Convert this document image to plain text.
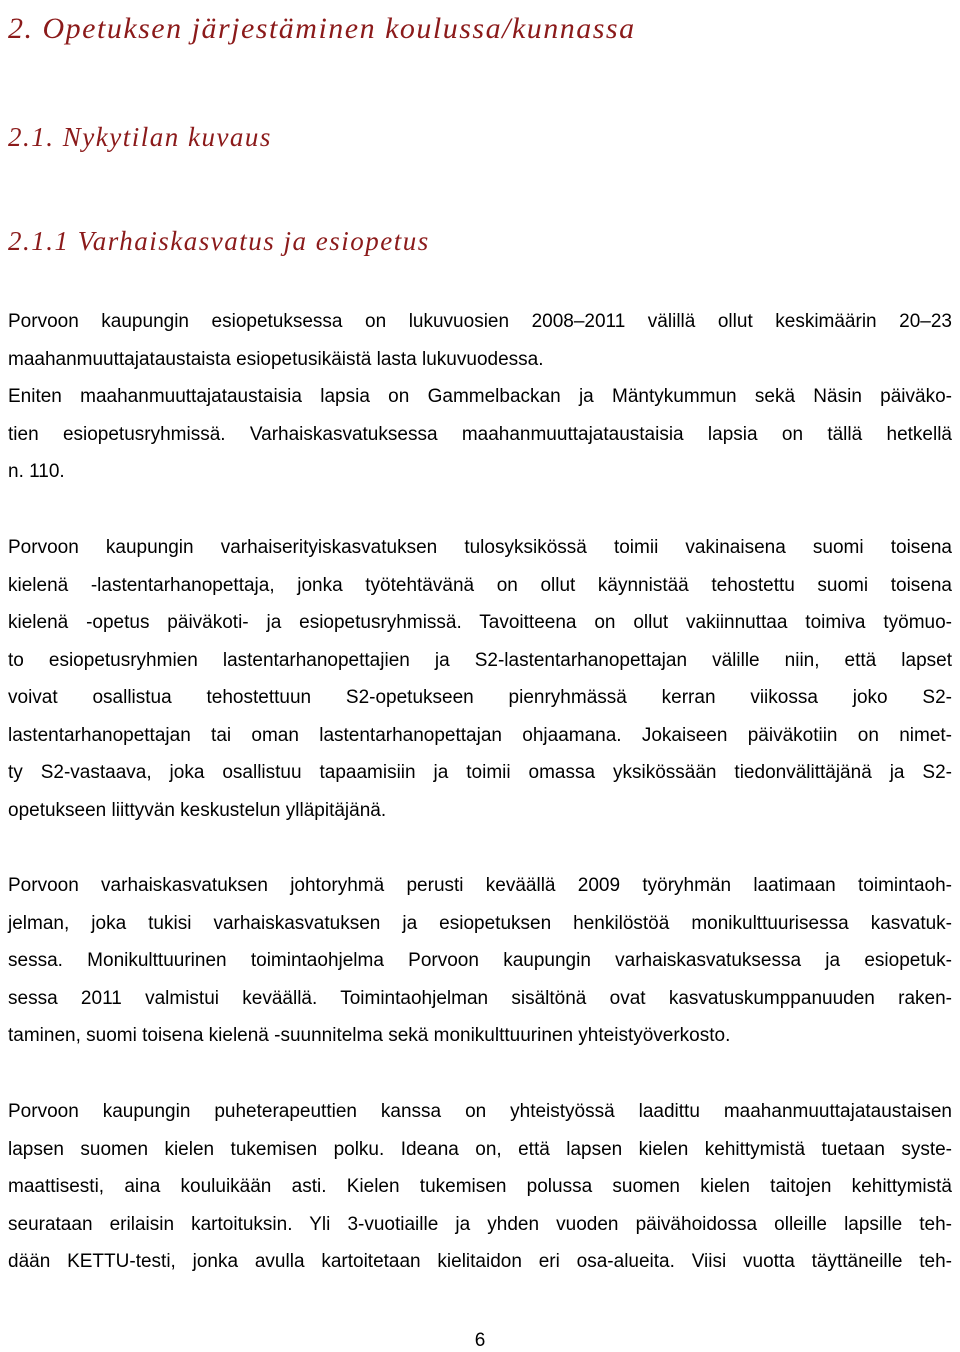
2. Opetuksen järjestäminen koulussa/kunnassa
2.1. Nykytilan kuvaus
2.1.1 Varhaiskasvatus ja esiopetus

Porvoon kaupungin esiopetuksessa on lukuvuosien 2008–2011 välillä ollut keskimäärin 20–23
maahanmuuttajataustaista esiopetusikäistä lasta lukuvuodessa.
Eniten maahanmuuttajataustaisia lapsia on Gammelbackan ja Mäntykummun sekä Näsin päiväko-
tien esiopetusryhmissä. Varhaiskasvatuksessa maahanmuuttajataustaisia lapsia on tällä hetkellä
n. 110.

Porvoon kaupungin varhaiserityiskasvatuksen tulosyksikössä toimii vakinaisena suomi toisena
kielenä -lastentarhanopettaja, jonka työtehtävänä on ollut käynnistää tehostettu suomi toisena
kielenä -opetus päiväkoti- ja esiopetusryhmissä. Tavoitteena on ollut vakiinnuttaa toimiva työmuo-
to esiopetusryhmien lastentarhanopettajien ja S2-lastentarhanopettajan välille niin, että lapset
voivat osallistua tehostettuun S2-opetukseen pienryhmässä kerran viikossa joko S2-
lastentarhanopettajan tai oman lastentarhanopettajan ohjaamana. Jokaiseen päiväkotiin on nimet-
ty S2-vastaava, joka osallistuu tapaamisiin ja toimii omassa yksikössään tiedonvälittäjänä ja S2-
opetukseen liittyvän keskustelun ylläpitäjänä.

Porvoon varhaiskasvatuksen johtoryhmä perusti keväällä 2009 työryhmän laatimaan toimintaoh-
jelman, joka tukisi varhaiskasvatuksen ja esiopetuksen henkilöstöä monikulttuurisessa kasvatuk-
sessa. Monikulttuurinen toimintaohjelma Porvoon kaupungin varhaiskasvatuksessa ja esiopetuk-
sessa 2011 valmistui keväällä. Toimintaohjelman sisältönä ovat kasvatuskumppanuuden raken-
taminen, suomi toisena kielenä -suunnitelma sekä monikulttuurinen yhteistyöverkosto.

Porvoon kaupungin puheterapeuttien kanssa on yhteistyössä laadittu maahanmuuttajataustaisen
lapsen suomen kielen tukemisen polku. Ideana on, että lapsen kielen kehittymistä tuetaan syste-
maattisesti, aina kouluikään asti. Kielen tukemisen polussa suomen kielen taitojen kehittymistä
seurataan erilaisin kartoituksin. Yli 3-vuotiaille ja yhden vuoden päivähoidossa olleille lapsille teh-
dään KETTU-testi, jonka avulla kartoitetaan kielitaidon eri osa-alueita. Viisi vuotta täyttäneille teh-

6
